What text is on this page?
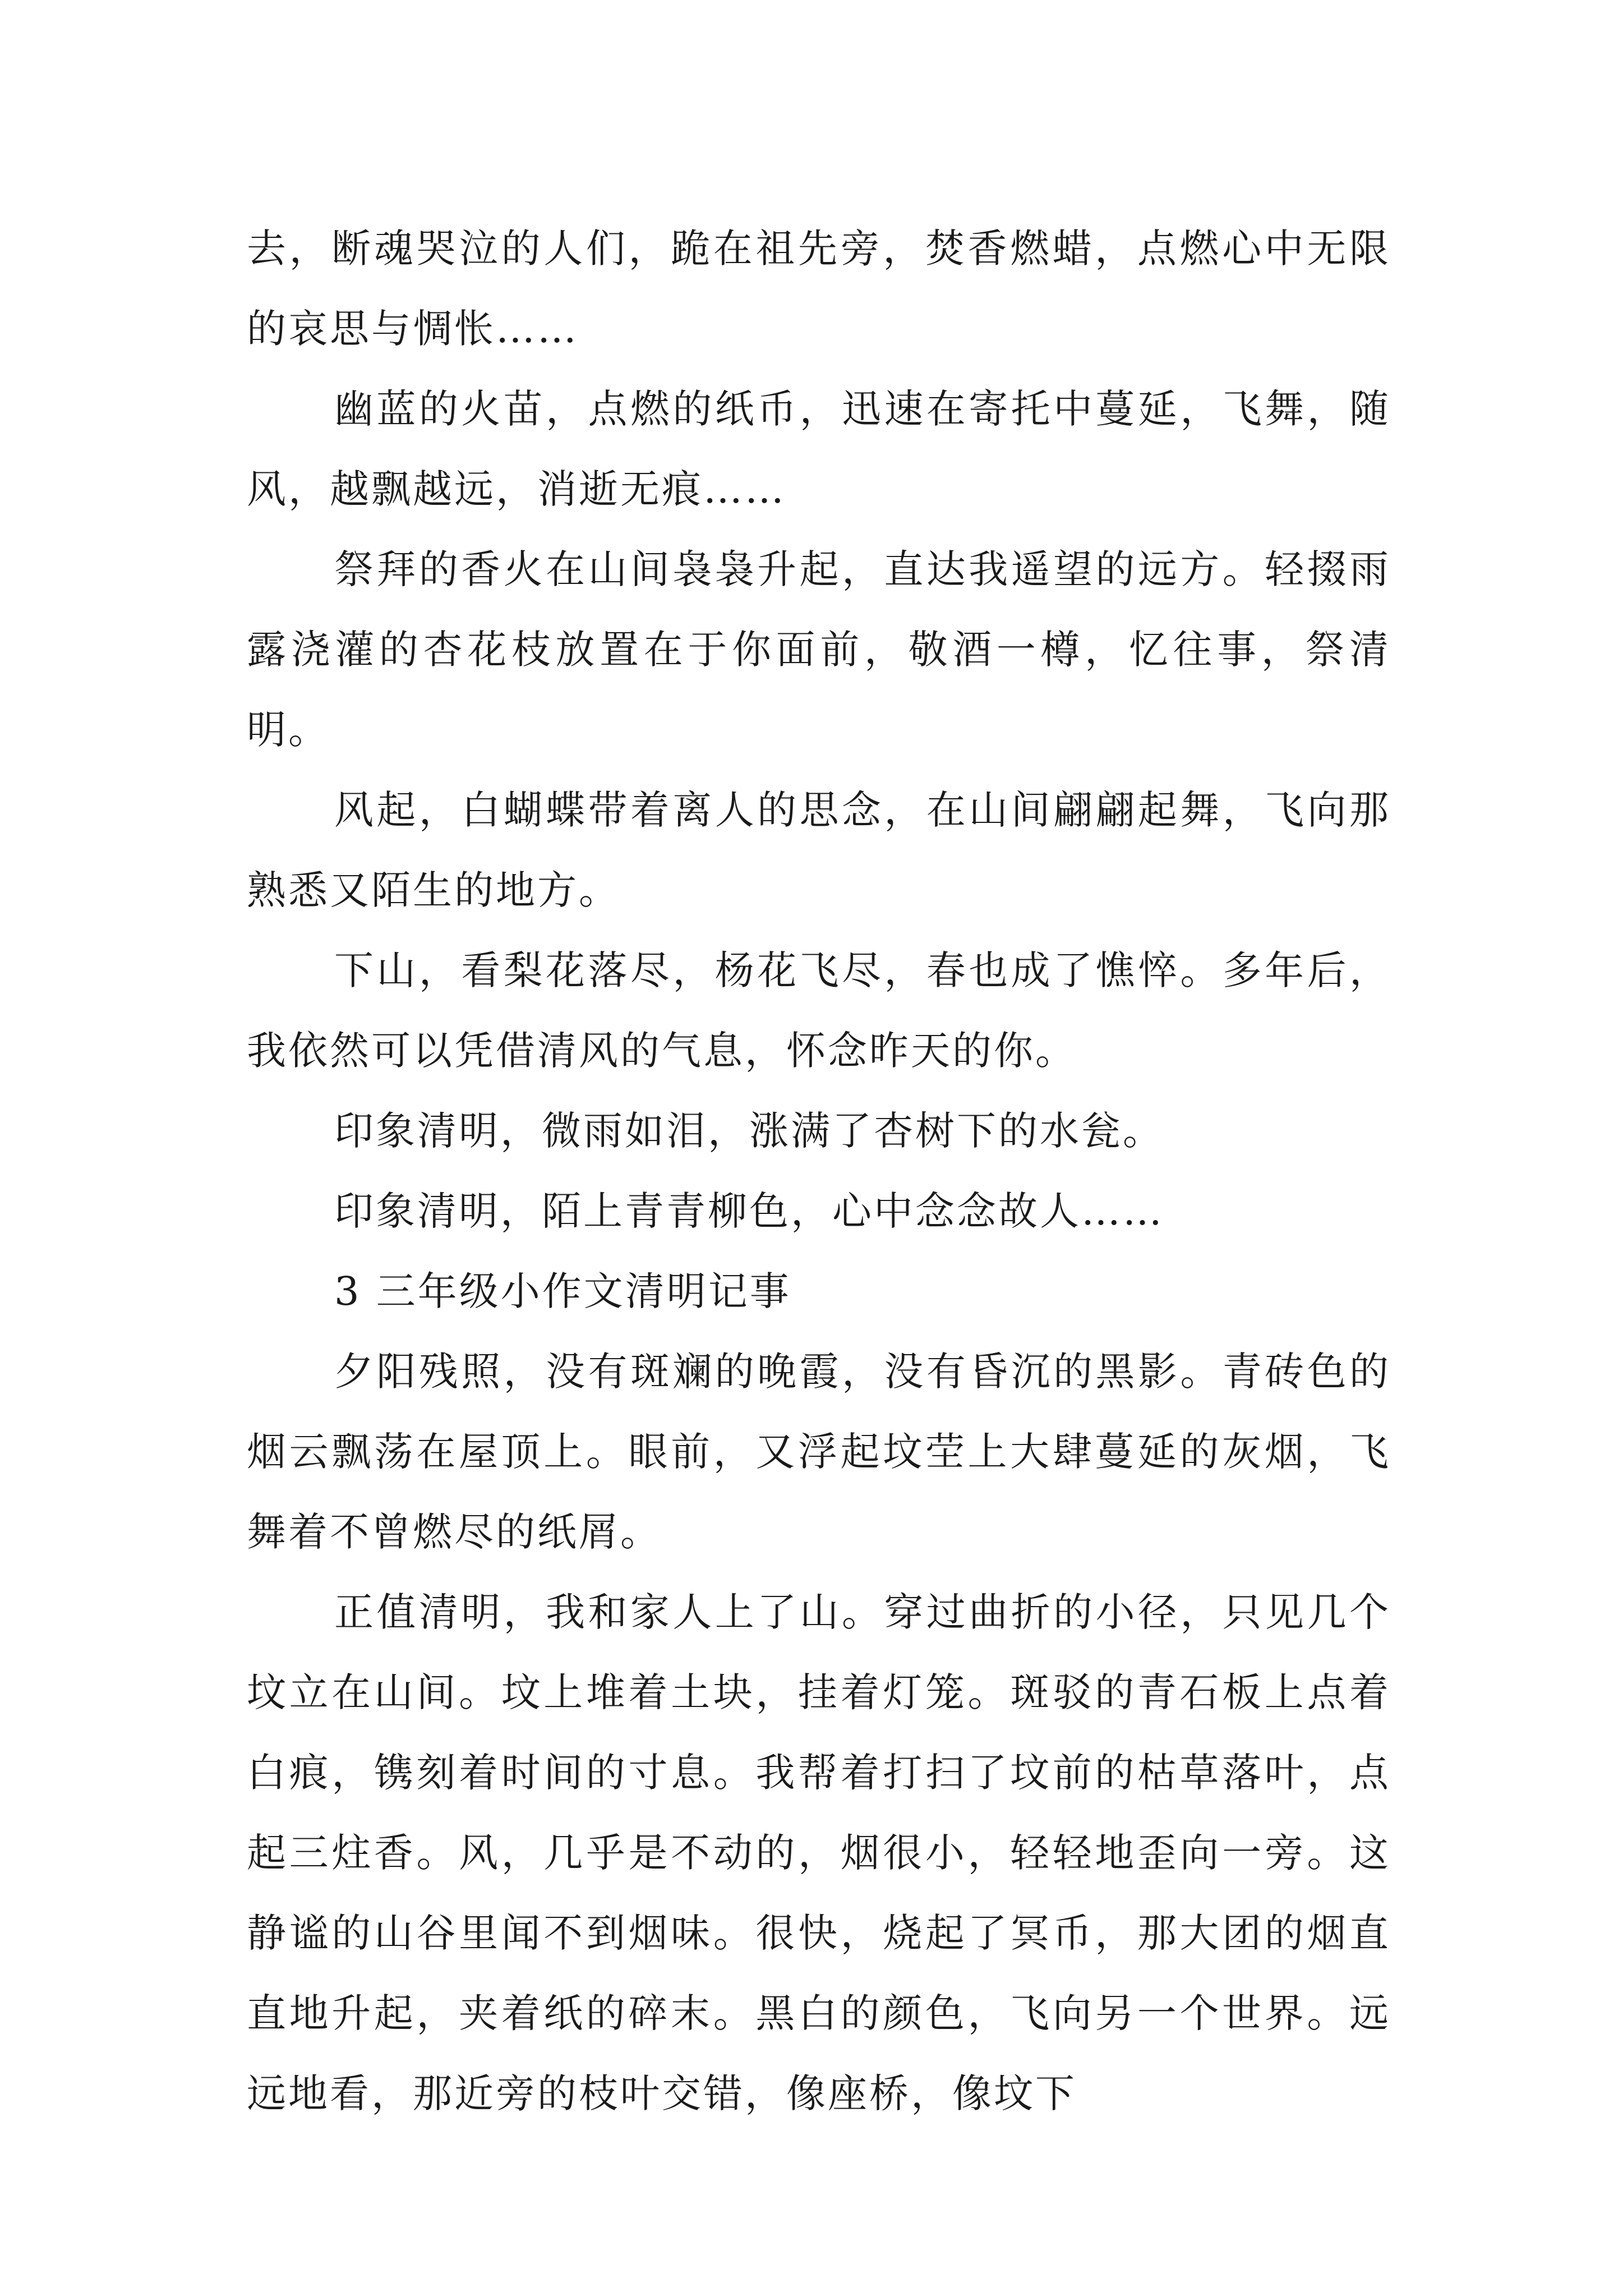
去，断魂哭泣的人们，跪在祖先旁，焚香燃蜡，点燃心中无限的哀思与惆怅……

幽蓝的火苗，点燃的纸币，迅速在寄托中蔓延，飞舞，随风，越飘越远，消逝无痕……

祭拜的香火在山间袅袅升起，直达我遥望的远方。轻掇雨露浇灌的杏花枝放置在于你面前，敬酒一樽，忆往事，祭清明。

风起，白蝴蝶带着离人的思念，在山间翩翩起舞，飞向那熟悉又陌生的地方。

下山，看梨花落尽，杨花飞尽，春也成了憔悴。多年后，我依然可以凭借清风的气息，怀念昨天的你。

印象清明，微雨如泪，涨满了杏树下的水瓮。

印象清明，陌上青青柳色，心中念念故人……

3 三年级小作文清明记事

夕阳残照，没有斑斓的晚霞，没有昏沉的黑影。青砖色的烟云飘荡在屋顶上。眼前，又浮起坟茔上大肆蔓延的灰烟，飞舞着不曾燃尽的纸屑。

正值清明，我和家人上了山。穿过曲折的小径，只见几个坟立在山间。坟上堆着土块，挂着灯笼。斑驳的青石板上点着白痕，镌刻着时间的寸息。我帮着打扫了坟前的枯草落叶，点起三炷香。风，几乎是不动的，烟很小，轻轻地歪向一旁。这静谧的山谷里闻不到烟味。很快，烧起了冥币，那大团的烟直直地升起，夹着纸的碎末。黑白的颜色，飞向另一个世界。远远地看，那近旁的枝叶交错，像座桥，像坟下
